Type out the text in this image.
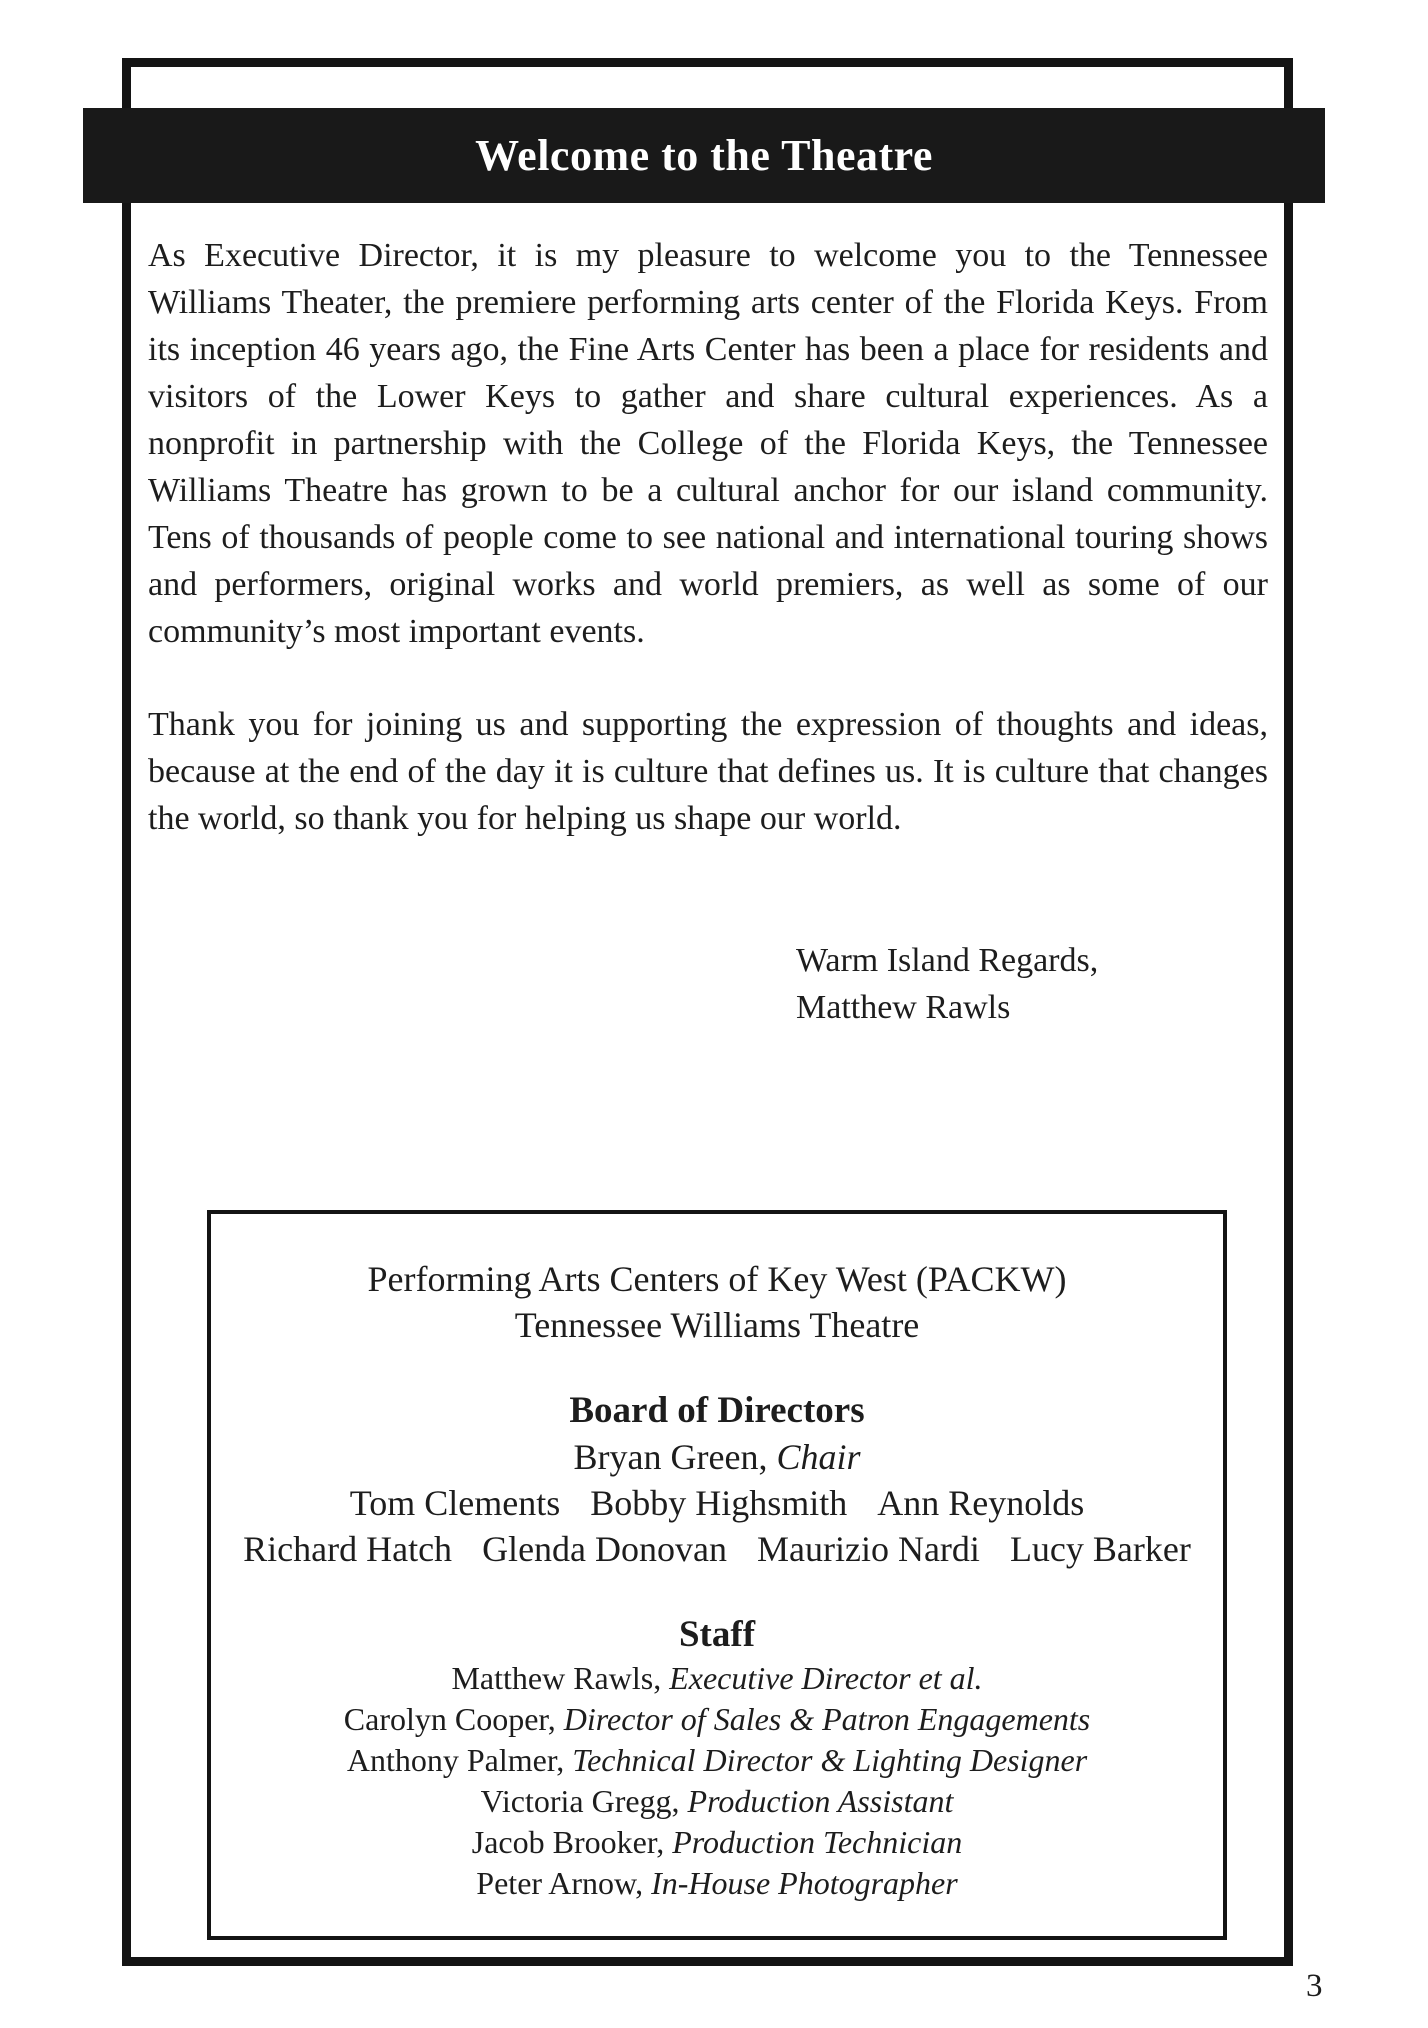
Welcome to the Theatre

As Executive Director, it is my pleasure to welcome you to the Tennessee Williams Theater, the premiere performing arts center of the Florida Keys. From its inception 46 years ago, the Fine Arts Center has been a place for residents and visitors of the Lower Keys to gather and share cultural experiences. As a nonprofit in partnership with the College of the Florida Keys, the Tennessee Williams Theatre has grown to be a cultural anchor for our island community. Tens of thousands of people come to see national and international touring shows and performers, original works and world premiers, as well as some of our community’s most important events.

Thank you for joining us and supporting the expression of thoughts and ideas, because at the end of the day it is culture that defines us. It is culture that changes the world, so thank you for helping us shape our world.

Warm Island Regards,
Matthew Rawls
Performing Arts Centers of Key West (PACKW)
Tennessee Williams Theatre
Board of Directors
Bryan Green, Chair
Tom Clements Bobby Highsmith Ann Reynolds
Richard Hatch Glenda Donovan Maurizio Nardi Lucy Barker
Staff
Matthew Rawls, Executive Director et al.
Carolyn Cooper, Director of Sales & Patron Engagements
Anthony Palmer, Technical Director & Lighting Designer
Victoria Gregg, Production Assistant
Jacob Brooker, Production Technician
Peter Arnow, In-House Photographer
3
